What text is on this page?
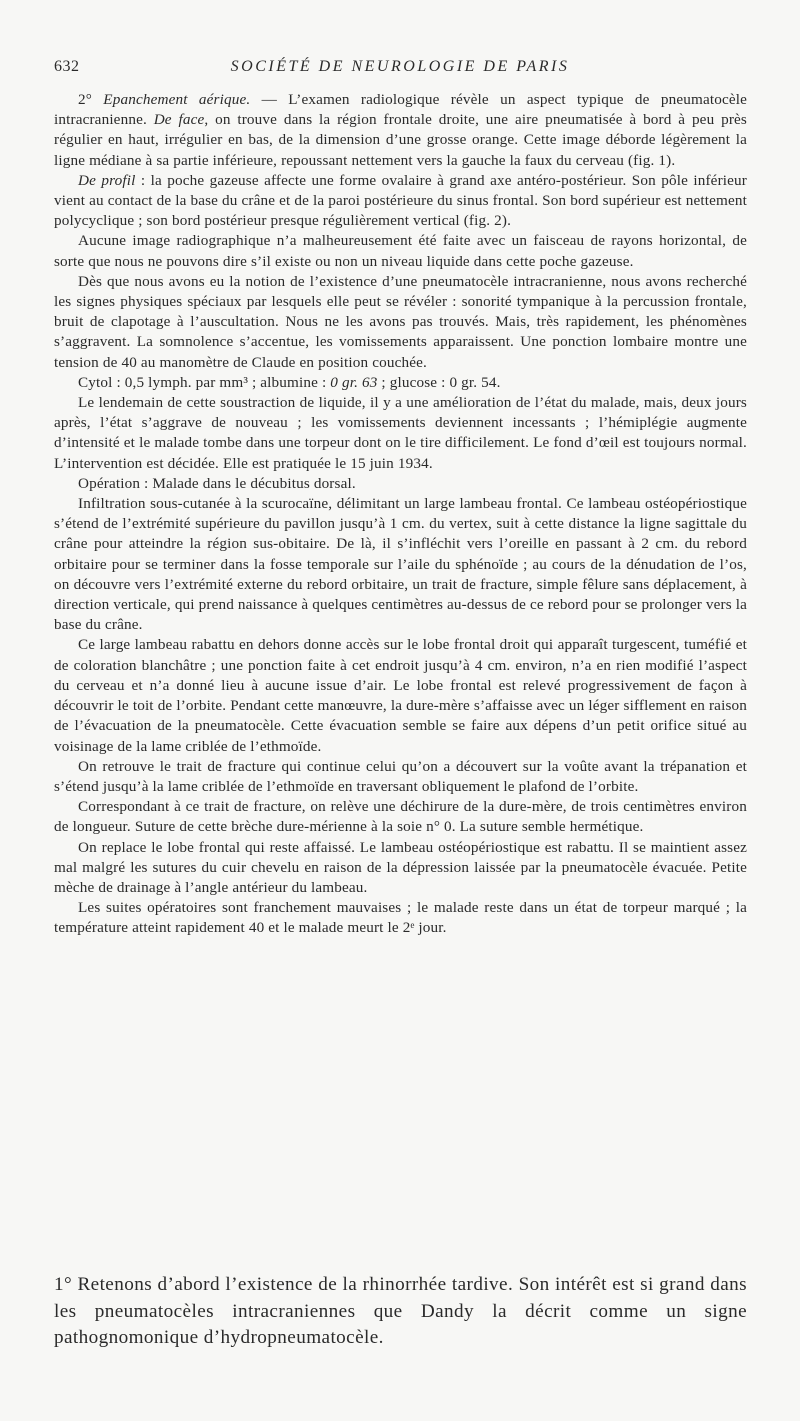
632	SOCIÉTÉ DE NEUROLOGIE DE PARIS

2° Epanchement aérique. — L’examen radiologique révèle un aspect typique de pneumatocèle intracranienne. De face, on trouve dans la région frontale droite, une aire pneumatisée à bord à peu près régulier en haut, irrégulier en bas, de la dimension d’une grosse orange. Cette image déborde légèrement la ligne médiane à sa partie inférieure, repoussant nettement vers la gauche la faux du cerveau (fig. 1).

De profil : la poche gazeuse affecte une forme ovalaire à grand axe antéro-postérieur. Son pôle inférieur vient au contact de la base du crâne et de la paroi postérieure du sinus frontal. Son bord supérieur est nettement polycyclique ; son bord postérieur presque régulièrement vertical (fig. 2).

Aucune image radiographique n’a malheureusement été faite avec un faisceau de rayons horizontal, de sorte que nous ne pouvons dire s’il existe ou non un niveau liquide dans cette poche gazeuse.

Dès que nous avons eu la notion de l’existence d’une pneumatocèle intracranienne, nous avons recherché les signes physiques spéciaux par lesquels elle peut se révéler : sonorité tympanique à la percussion frontale, bruit de clapotage à l’auscultation. Nous ne les avons pas trouvés. Mais, très rapidement, les phénomènes s’aggravent. La somnolence s’accentue, les vomissements apparaissent. Une ponction lombaire montre une tension de 40 au manomètre de Claude en position couchée.

Cytol : 0,5 lymph. par mm³ ; albumine : 0 gr. 63 ; glucose : 0 gr. 54.

Le lendemain de cette soustraction de liquide, il y a une amélioration de l’état du malade, mais, deux jours après, l’état s’aggrave de nouveau ; les vomissements deviennent incessants ; l’hémiplégie augmente d’intensité et le malade tombe dans une torpeur dont on le tire difficilement. Le fond d’œil est toujours normal. L’intervention est décidée. Elle est pratiquée le 15 juin 1934.

Opération : Malade dans le décubitus dorsal.

Infiltration sous-cutanée à la scurocaïne, délimitant un large lambeau frontal. Ce lambeau ostéopériostique s’étend de l’extrémité supérieure du pavillon jusqu’à 1 cm. du vertex, suit à cette distance la ligne sagittale du crâne pour atteindre la région sus-obitaire. De là, il s’infléchit vers l’oreille en passant à 2 cm. du rebord orbitaire pour se terminer dans la fosse temporale sur l’aile du sphénoïde ; au cours de la dénudation de l’os, on découvre vers l’extrémité externe du rebord orbitaire, un trait de fracture, simple fêlure sans déplacement, à direction verticale, qui prend naissance à quelques centimètres au-dessus de ce rebord pour se prolonger vers la base du crâne.

Ce large lambeau rabattu en dehors donne accès sur le lobe frontal droit qui apparaît turgescent, tuméfié et de coloration blanchâtre ; une ponction faite à cet endroit jusqu’à 4 cm. environ, n’a en rien modifié l’aspect du cerveau et n’a donné lieu à aucune issue d’air. Le lobe frontal est relevé progressivement de façon à découvrir le toit de l’orbite. Pendant cette manœuvre, la dure-mère s’affaisse avec un léger sifflement en raison de l’évacuation de la pneumatocèle. Cette évacuation semble se faire aux dépens d’un petit orifice situé au voisinage de la lame criblée de l’ethmoïde.

On retrouve le trait de fracture qui continue celui qu’on a découvert sur la voûte avant la trépanation et s’étend jusqu’à la lame criblée de l’ethmoïde en traversant obliquement le plafond de l’orbite.

Correspondant à ce trait de fracture, on relève une déchirure de la dure-mère, de trois centimètres environ de longueur. Suture de cette brèche dure-mérienne à la soie n° 0. La suture semble hermétique.

On replace le lobe frontal qui reste affaissé. Le lambeau ostéopériostique est rabattu. Il se maintient assez mal malgré les sutures du cuir chevelu en raison de la dépression laissée par la pneumatocèle évacuée. Petite mèche de drainage à l’angle antérieur du lambeau.

Les suites opératoires sont franchement mauvaises ; le malade reste dans un état de torpeur marqué ; la température atteint rapidement 40 et le malade meurt le 2ᵉ jour.

1° Retenons d’abord l’existence de la rhinorrhée tardive. Son intérêt est si grand dans les pneumatocèles intracraniennes que Dandy la décrit comme un signe pathognomonique d’hydropneumatocèle.
